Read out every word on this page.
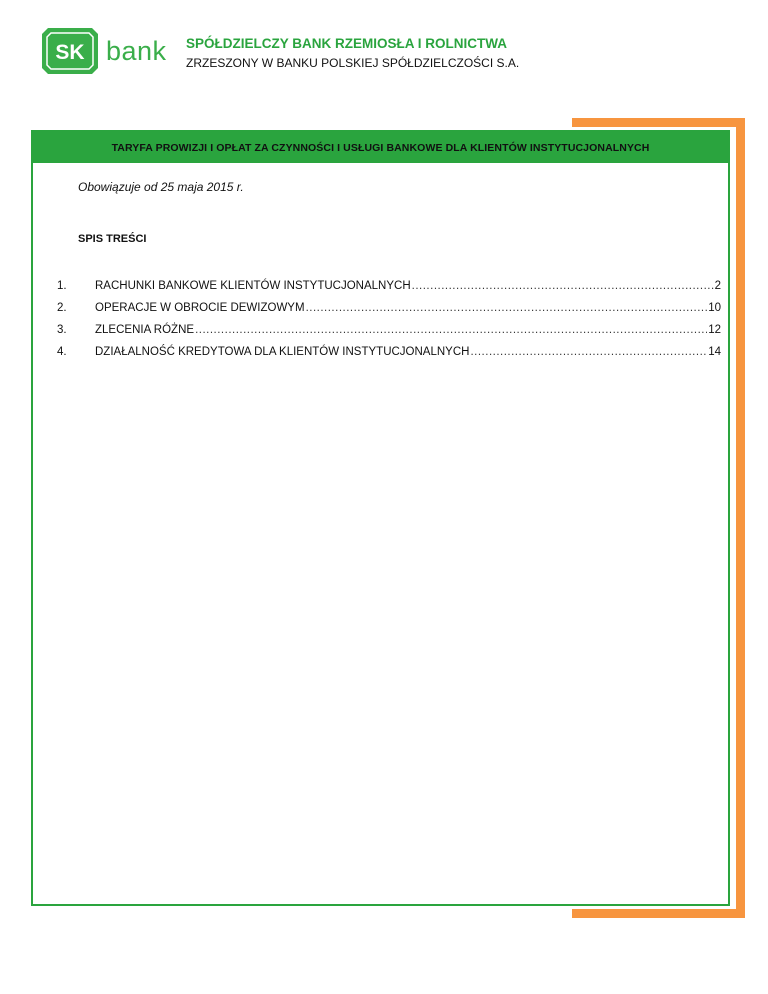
SK bank SPÓŁDZIELCZY BANK RZEMIOSŁA I ROLNICTWA
ZRZESZONY W BANKU POLSKIEJ SPÓŁDZIELCZOŚCI S.A.
TARYFA PROWIZJI I OPŁAT ZA CZYNNOŚCI I USŁUGI BANKOWE DLA KLIENTÓW INSTYTUCJONALNYCH
Obowiązuje od 25 maja 2015 r.
SPIS TREŚCI
1.	RACHUNKI BANKOWE KLIENTÓW INSTYTUCJONALNYCH .....	2
2.	OPERACJE W OBROCIE DEWIZOWYM .....	10
3.	ZLECENIA RÓŻNE .....	12
4.	DZIAŁALNOŚĆ KREDYTOWA DLA KLIENTÓW INSTYTUCJONALNYCH .....	14
